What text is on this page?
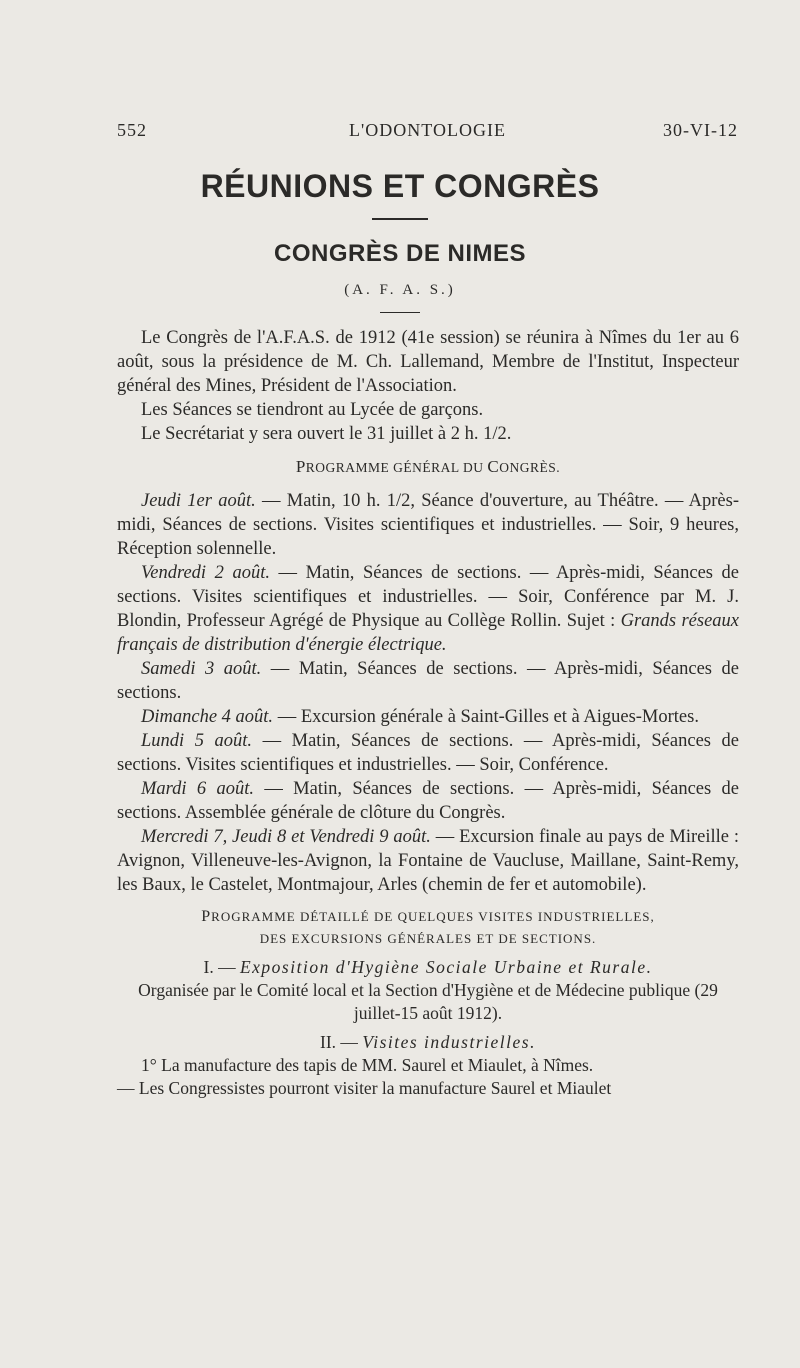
552	L'ODONTOLOGIE	30-VI-12
RÉUNIONS ET CONGRÈS
CONGRÈS DE NIMES
(A. F. A. S.)

Le Congrès de l'A.F.A.S. de 1912 (41e session) se réunira à Nîmes du 1er au 6 août, sous la présidence de M. Ch. Lallemand, Membre de l'Institut, Inspecteur général des Mines, Président de l'Association.

Les Séances se tiendront au Lycée de garçons.

Le Secrétariat y sera ouvert le 31 juillet à 2 h. 1/2.

PROGRAMME GÉNÉRAL DU CONGRÈS.

Jeudi 1er août. — Matin, 10 h. 1/2, Séance d'ouverture, au Théâtre. — Après-midi, Séances de sections. Visites scientifiques et industrielles. — Soir, 9 heures, Réception solennelle.

Vendredi 2 août. — Matin, Séances de sections. — Après-midi, Séances de sections. Visites scientifiques et industrielles. — Soir, Conférence par M. J. Blondin, Professeur Agrégé de Physique au Collège Rollin. Sujet : Grands réseaux français de distribution d'énergie électrique.

Samedi 3 août. — Matin, Séances de sections. — Après-midi, Séances de sections.

Dimanche 4 août. — Excursion générale à Saint-Gilles et à Aigues-Mortes.

Lundi 5 août. — Matin, Séances de sections. — Après-midi, Séances de sections. Visites scientifiques et industrielles. — Soir, Conférence.

Mardi 6 août. — Matin, Séances de sections. — Après-midi, Séances de sections. Assemblée générale de clôture du Congrès.

Mercredi 7, Jeudi 8 et Vendredi 9 août. — Excursion finale au pays de Mireille : Avignon, Villeneuve-les-Avignon, la Fontaine de Vaucluse, Maillane, Saint-Remy, les Baux, le Castelet, Montmajour, Arles (chemin de fer et automobile).

PROGRAMME DÉTAILLÉ DE QUELQUES VISITES INDUSTRIELLES,
DES EXCURSIONS GÉNÉRALES ET DE SECTIONS.

I. — Exposition d'Hygiène Sociale Urbaine et Rurale.

Organisée par le Comité local et la Section d'Hygiène et de Médecine publique (29 juillet-15 août 1912).

II. — Visites industrielles.

1° La manufacture des tapis de MM. Saurel et Miaulet, à Nîmes.

— Les Congressistes pourront visiter la manufacture Saurel et Miaulet
